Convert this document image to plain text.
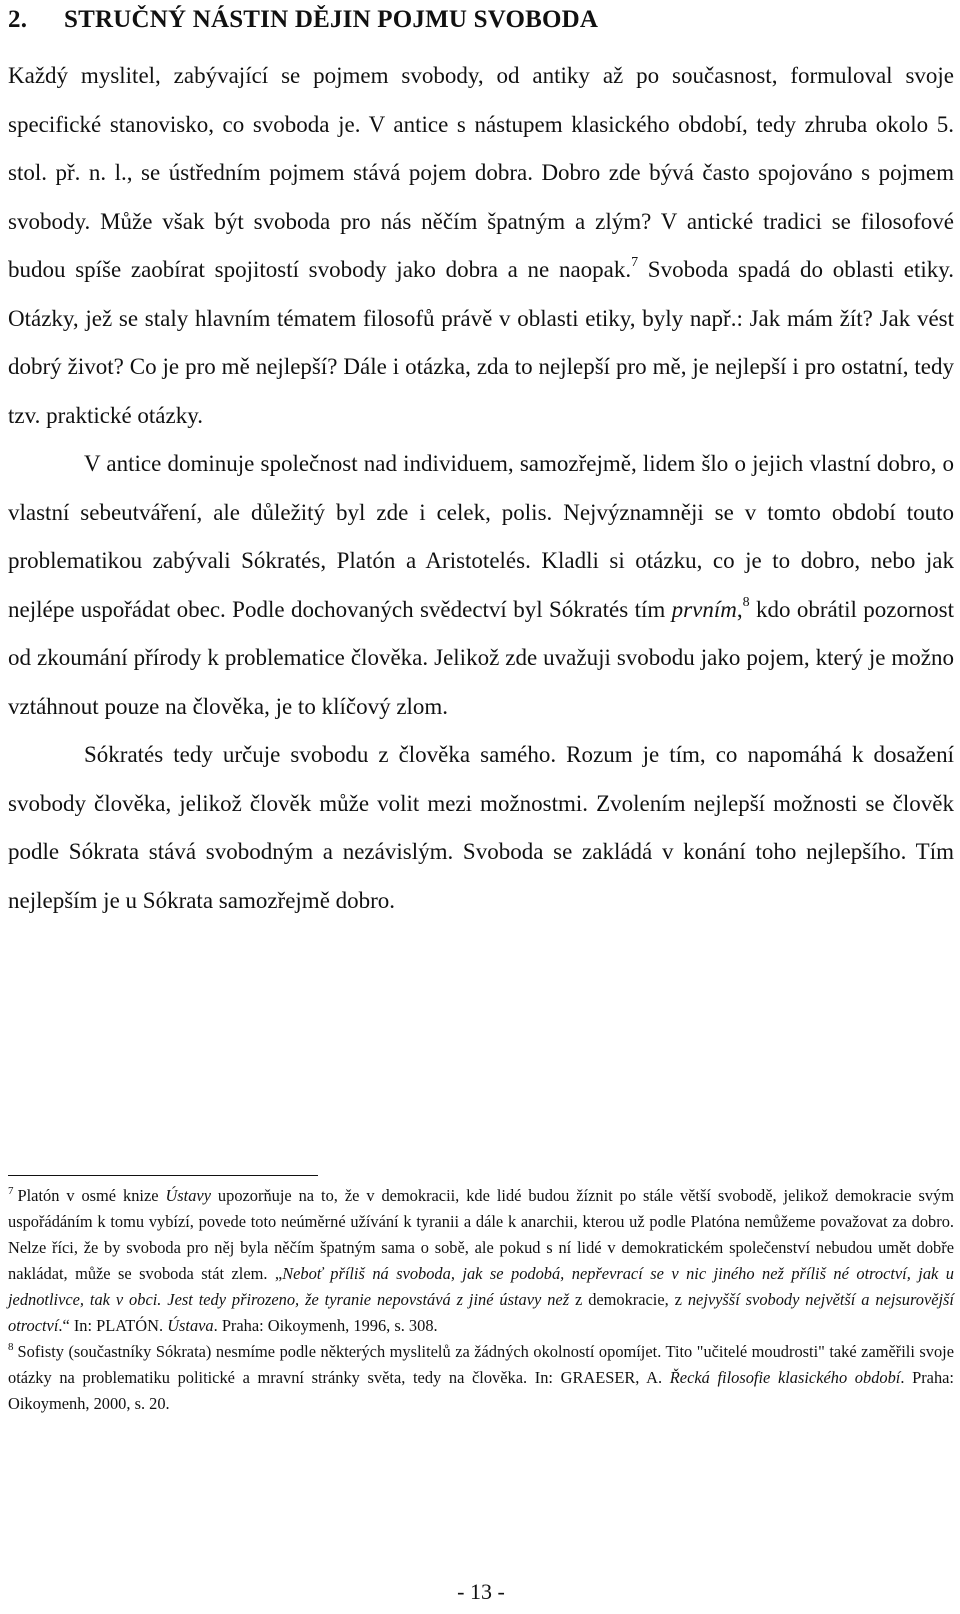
2. STRUČNÝ NÁSTIN DĚJIN POJMU SVOBODA

Každý myslitel, zabývající se pojmem svobody, od antiky až po současnost, formuloval svoje specifické stanovisko, co svoboda je. V antice s nástupem klasického období, tedy zhruba okolo 5. stol. př. n. l., se ústředním pojmem stává pojem dobra. Dobro zde bývá často spojováno s pojmem svobody. Může však být svoboda pro nás něčím špatným a zlým? V antické tradici se filosofové budou spíše zaobírat spojitostí svobody jako dobra a ne naopak.$^7$ Svoboda spadá do oblasti etiky. Otázky, jež se staly hlavním tématem filosofů právě v oblasti etiky, byly např.: Jak mám žít? Jak vést dobrý život? Co je pro mě nejlepší? Dále i otázka, zda to nejlepší pro mě, je nejlepší i pro ostatní, tedy tzv. praktické otázky.

V antice dominuje společnost nad individuem, samozřejmě, lidem šlo o jejich vlastní dobro, o vlastní sebeutváření, ale důležitý byl zde i celek, polis. Nejvýznamněji se v tomto období touto problematikou zabývali Sókratés, Platón a Aristotelés. Kladli si otázku, co je to dobro, nebo jak nejlépe uspořádat obec. Podle dochovaných svědectví byl Sókratés tím prvním,$^8$ kdo obrátil pozornost od zkoumání přírody k problematice člověka. Jelikož zde uvažuji svobodu jako pojem, který je možno vztáhnout pouze na člověka, je to klíčový zlom.

Sókratés tedy určuje svobodu z člověka samého. Rozum je tím, co napomáhá k dosažení svobody člověka, jelikož člověk může volit mezi možnostmi. Zvolením nejlepší možnosti se člověk podle Sókrata stává svobodným a nezávislým. Svoboda se zakládá v konání toho nejlepšího. Tím nejlepším je u Sókrata samozřejmě dobro.

$^7$ Platón v osmé knize Ústavy upozorňuje na to, že v demokracii, kde lidé budou žíznit po stále větší svobodě, jelikož demokracie svým uspořádáním k tomu vybízí, povede toto neúměrné užívání k tyranii a dále k anarchii, kterou už podle Platóna nemůžeme považovat za dobro. Nelze říci, že by svoboda pro něj byla něčím špatným sama o sobě, ale pokud s ní lidé v demokratickém společenství nebudou umět dobře nakládat, může se svoboda stát zlem. „Neboť příliš ná svoboda, jak se podobá, nepřevrací se v nic jiného než příliš né otroctví, jak u jednotlivce, tak v obci. Jest tedy přirozeno, že tyranie nepovstává z jiné ústavy než z demokracie, z nejvyšší svobody největší a nejsurovější otroctví.“ In: PLATÓN. Ústava. Praha: Oikoymenh, 1996, s. 308.

$^8$ Sofisty (součastníky Sókrata) nesmíme podle některých myslitelů za žádných okolností opomíjet. Tito "učitelé moudrosti" také zaměřili svoje otázky na problematiku politické a mravní stránky světa, tedy na člověka. In: GRAESER, A. Řecká filosofie klasického období. Praha: Oikoymenh, 2000, s. 20.

- 13 -
